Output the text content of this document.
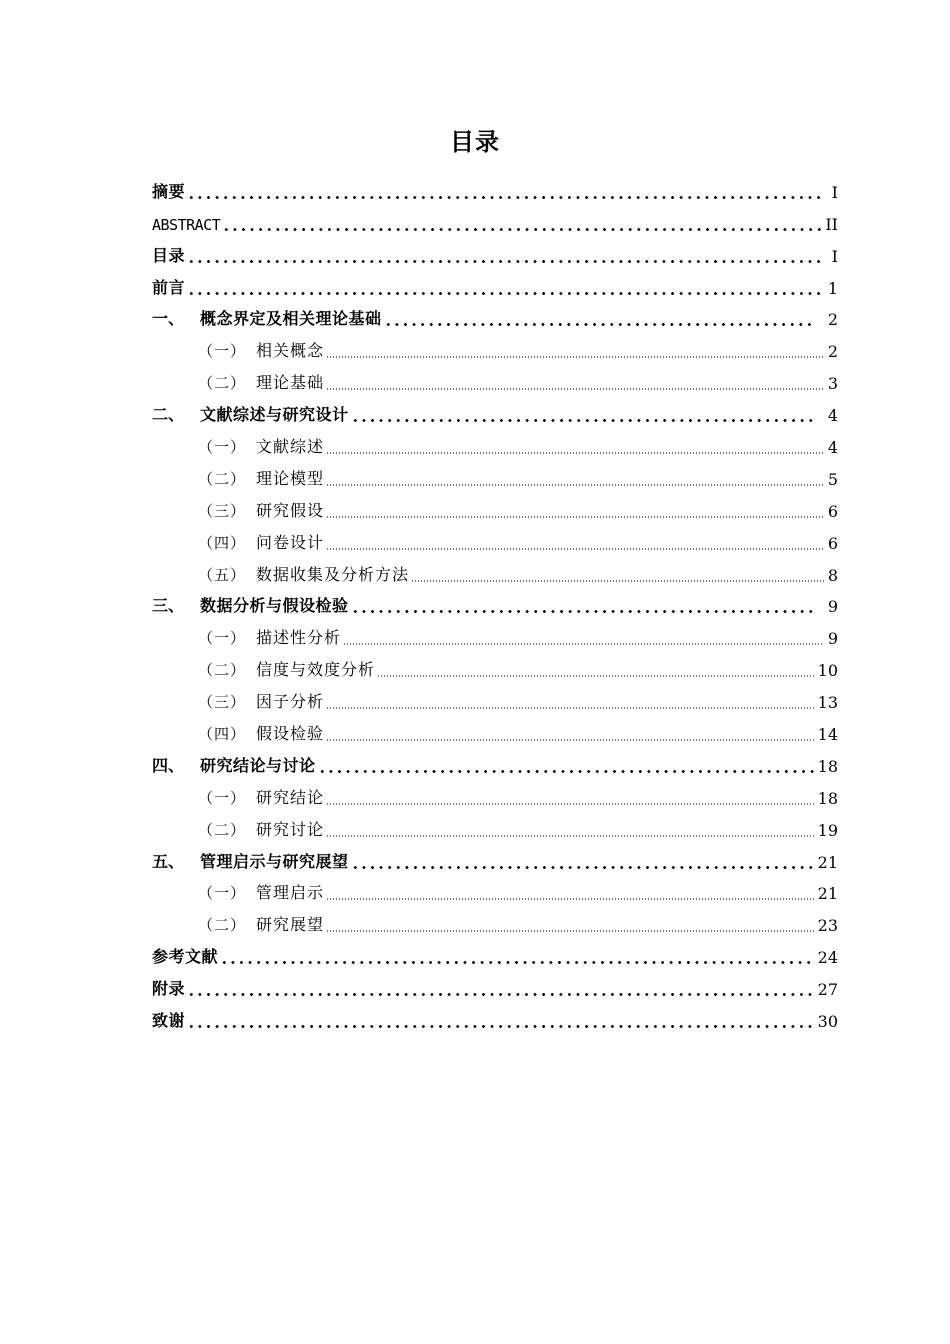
目录
摘要	I
ABSTRACT	II
目录	I
前言	1
一、 概念界定及相关理论基础	2
（一） 相关概念	2
（二） 理论基础	3
二、 文献综述与研究设计	4
（一） 文献综述	4
（二） 理论模型	5
（三） 研究假设	6
（四） 问卷设计	6
（五） 数据收集及分析方法	8
三、 数据分析与假设检验	9
（一） 描述性分析	9
（二） 信度与效度分析	10
（三） 因子分析	13
（四） 假设检验	14
四、 研究结论与讨论	18
（一） 研究结论	18
（二） 研究讨论	19
五、 管理启示与研究展望	21
（一） 管理启示	21
（二） 研究展望	23
参考文献	24
附录	27
致谢	30
